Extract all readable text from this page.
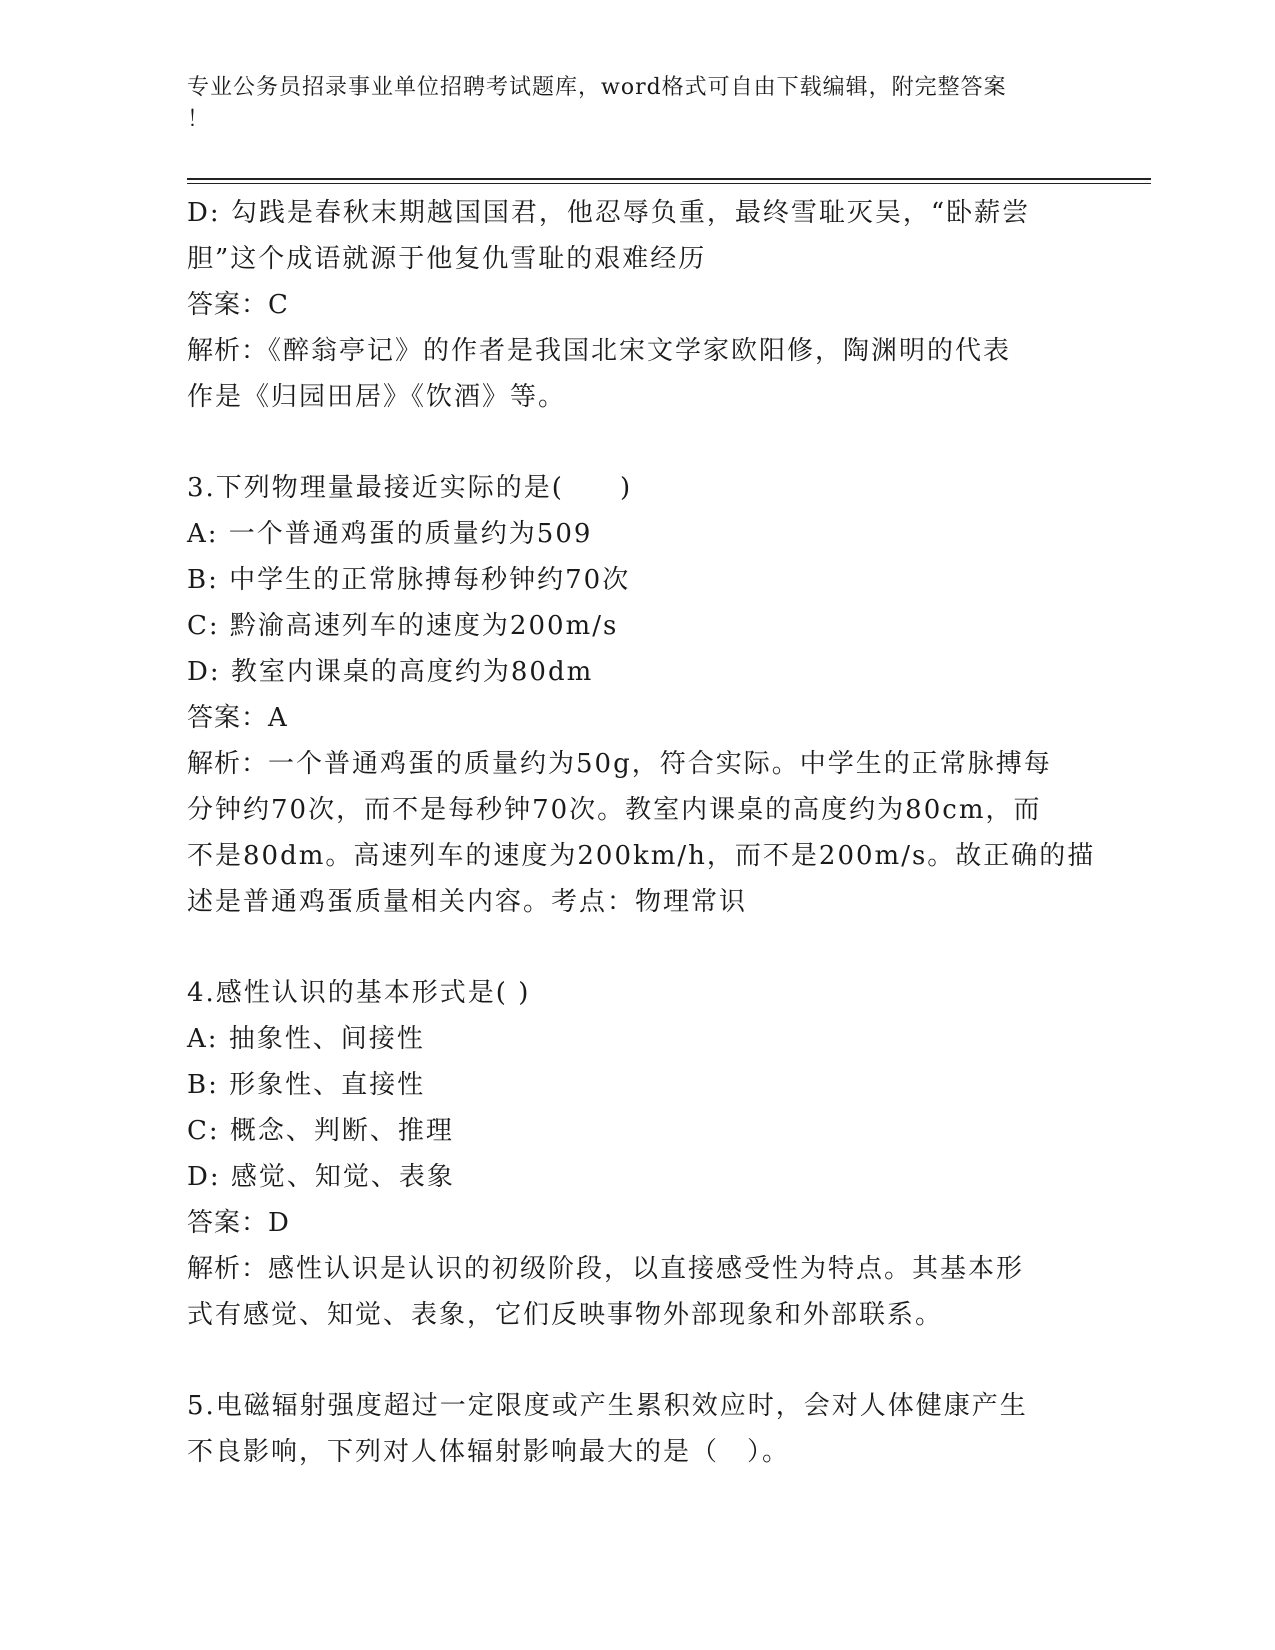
专业公务员招录事业单位招聘考试题库，word格式可自由下载编辑，附完整答案
！
D: 勾践是春秋末期越国国君，他忍辱负重，最终雪耻灭吴，“卧薪尝
胆”这个成语就源于他复仇雪耻的艰难经历
答案：C
解析：《醉翁亭记》的作者是我国北宋文学家欧阳修，陶渊明的代表
作是《归园田居》《饮酒》等。
3.下列物理量最接近实际的是(　　)
A: 一个普通鸡蛋的质量约为509
B: 中学生的正常脉搏每秒钟约70次
C: 黔渝高速列车的速度为200m/s
D: 教室内课桌的高度约为80dm
答案：A
解析：一个普通鸡蛋的质量约为50g，符合实际。中学生的正常脉搏每
分钟约70次，而不是每秒钟70次。教室内课桌的高度约为80cm，而
不是80dm。高速列车的速度为200km/h，而不是200m/s。故正确的描
述是普通鸡蛋质量相关内容。考点：物理常识
4.感性认识的基本形式是( )
A: 抽象性、间接性
B: 形象性、直接性
C: 概念、判断、推理
D: 感觉、知觉、表象
答案：D
解析：感性认识是认识的初级阶段，以直接感受性为特点。其基本形
式有感觉、知觉、表象，它们反映事物外部现象和外部联系。
5.电磁辐射强度超过一定限度或产生累积效应时，会对人体健康产生
不良影响，下列对人体辐射影响最大的是（　）。
